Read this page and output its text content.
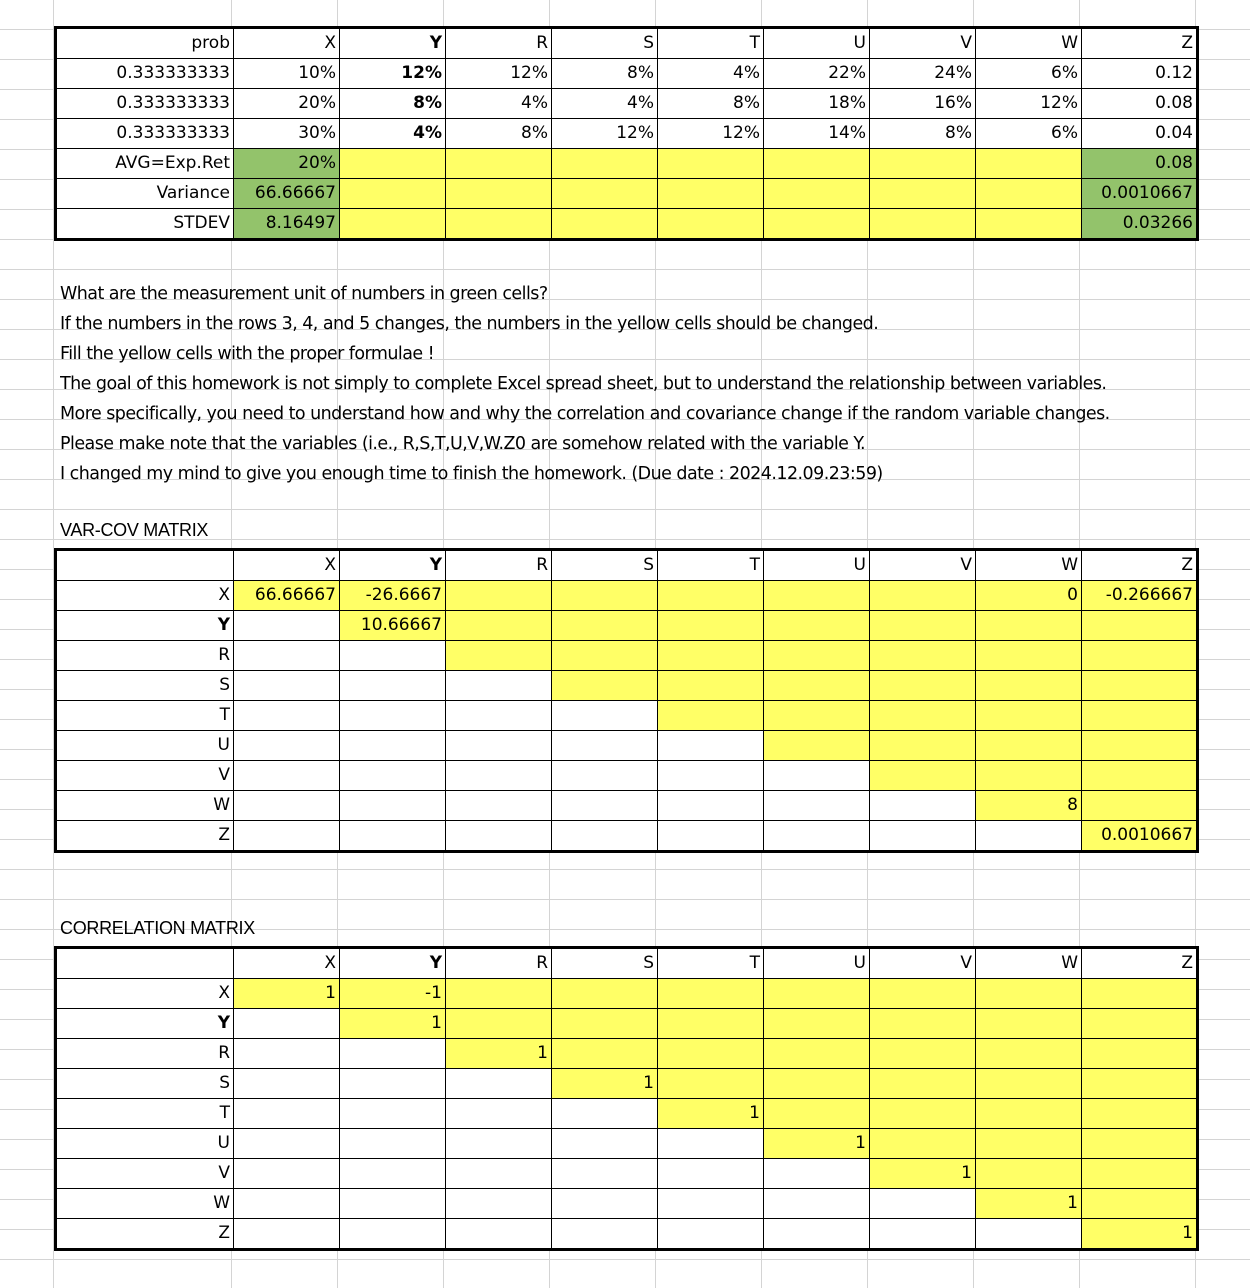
prob	X	Y	R	S	T	U	V	W	Z
0.333333333	10%	12%	12%	8%	4%	22%	24%	6%	0.12
0.333333333	20%	8%	4%	4%	8%	18%	16%	12%	0.08
0.333333333	30%	4%	8%	12%	12%	14%	8%	6%	0.04
AVG=Exp.Ret	20%								0.08
Variance	66.66667								0.0010667
STDEV	8.16497								0.03266
What are the measurement unit of numbers in green cells?
If the numbers in the rows 3, 4, and 5 changes, the numbers in the yellow cells should be changed.
Fill the yellow cells with the proper formulae !
The goal of this homework is not simply to complete Excel spread sheet, but to understand the relationship between variables.
More specifically, you need to understand how and why the correlation and covariance change if the random variable changes.
Please make note that the variables (i.e., R,S,T,U,V,W.Z0 are somehow related with the variable Y.
I changed my mind to give you enough time to finish the homework. (Due date : 2024.12.09.23:59)
VAR-COV MATRIX
	X	Y	R	S	T	U	V	W	Z
X	66.66667	-26.6667						0	-0.266667
Y		10.66667							
R									
S									
T									
U									
V									
W								8	
Z									0.0010667
CORRELATION MATRIX
	X	Y	R	S	T	U	V	W	Z
X	1	-1							
Y		1							
R			1						
S				1					
T					1				
U						1			
V							1		
W								1	
Z									1
